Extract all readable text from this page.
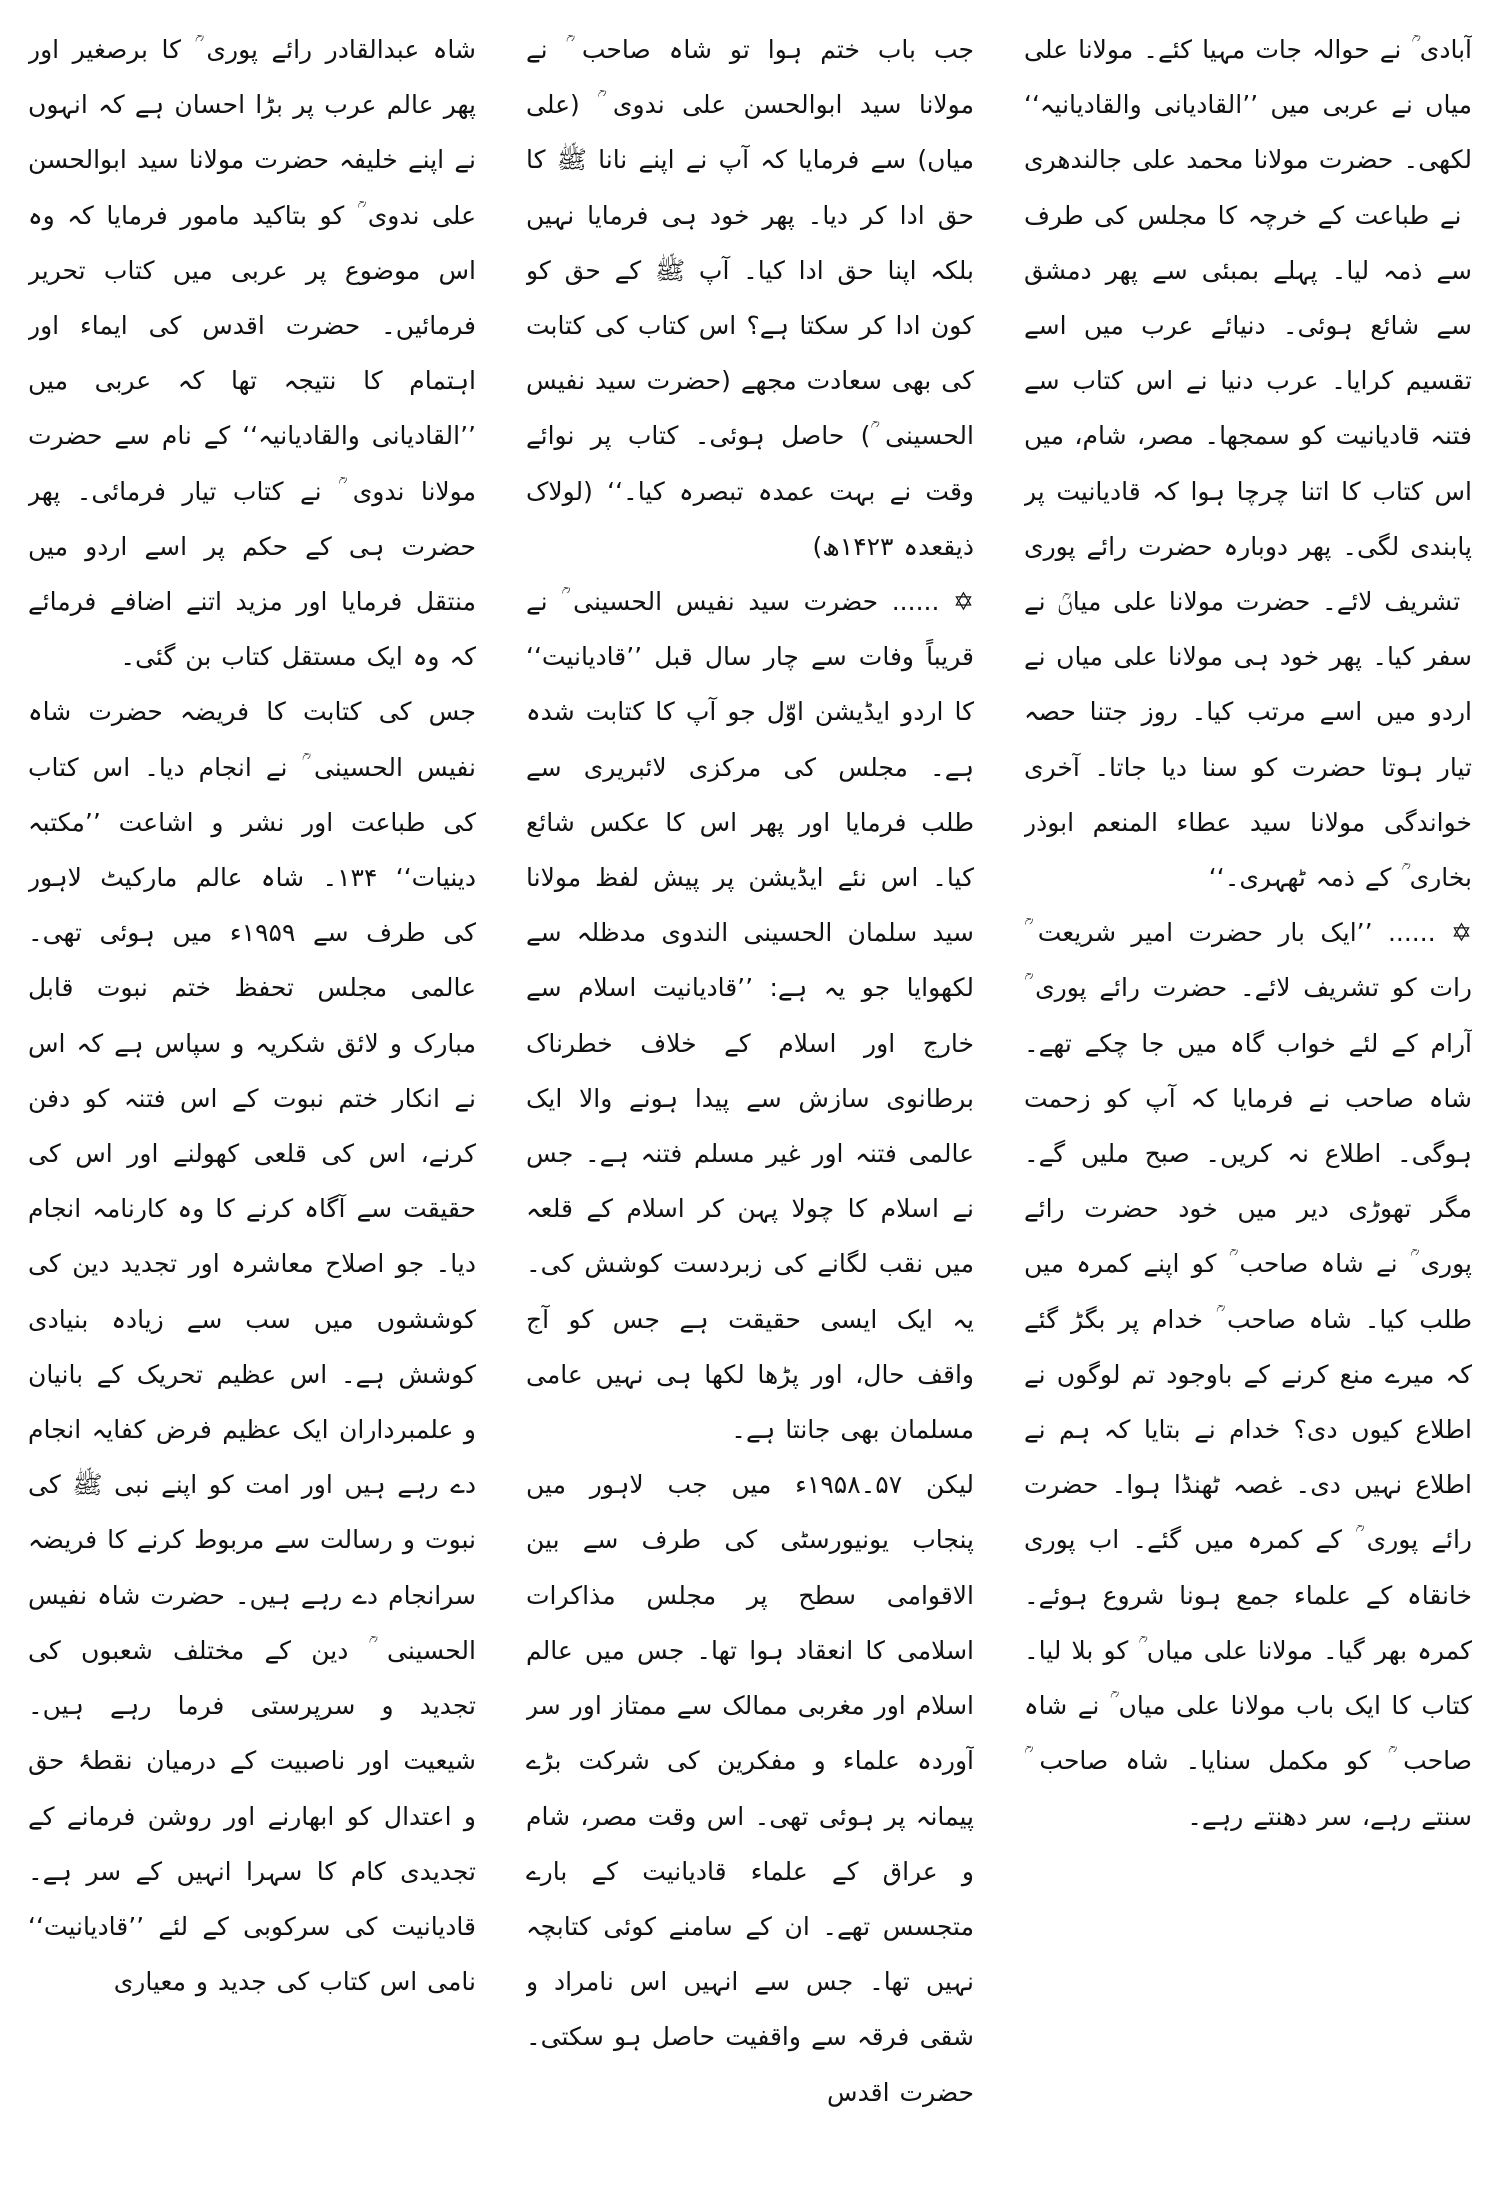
آبادی ؒ نے حوالہ جات مہیا کئے۔ مولانا علی میاں نے عربی میں ’’القادیانی والقادیانیہ‘‘ لکھی۔ حضرت مولانا محمد علی جالندھری ؒ نے طباعت کے خرچہ کا مجلس کی طرف سے ذمہ لیا۔ پہلے بمبئی سے پھر دمشق سے شائع ہوئی۔ دنیائے عرب میں اسے تقسیم کرایا۔ عرب دنیا نے اس کتاب سے فتنہ قادیانیت کو سمجھا۔ مصر، شام، میں اس کتاب کا اتنا چرچا ہوا کہ قادیانیت پر پابندی لگی۔ پھر دوبارہ حضرت رائے پوری ؒ تشریف لائے۔ حضرت مولانا علی میاںؒ نے سفر کیا۔ پھر خود ہی مولانا علی میاں نے اردو میں اسے مرتب کیا۔ روز جتنا حصہ تیار ہوتا حضرت کو سنا دیا جاتا۔ آخری خواندگی مولانا سید عطاء المنعم ابوذر بخاری ؒ کے ذمہ ٹھہری۔‘‘

✡ ...... ’’ایک بار حضرت امیر شریعت ؒ رات کو تشریف لائے۔ حضرت رائے پوری ؒ آرام کے لئے خواب گاہ میں جا چکے تھے۔ شاہ صاحب نے فرمایا کہ آپ کو زحمت ہوگی۔ اطلاع نہ کریں۔ صبح ملیں گے۔ مگر تھوڑی دیر میں خود حضرت رائے پوری ؒ نے شاہ صاحب ؒ کو اپنے کمرہ میں طلب کیا۔ شاہ صاحب ؒ خدام پر بگڑ گئے کہ میرے منع کرنے کے باوجود تم لوگوں نے اطلاع کیوں دی؟ خدام نے بتایا کہ ہم نے اطلاع نہیں دی۔ غصہ ٹھنڈا ہوا۔ حضرت رائے پوری ؒ کے کمرہ میں گئے۔ اب پوری خانقاہ کے علماء جمع ہونا شروع ہوئے۔ کمرہ بھر گیا۔ مولانا علی میاں ؒ کو بلا لیا۔ کتاب کا ایک باب مولانا علی میاں ؒ نے شاہ صاحب ؒ کو مکمل سنایا۔ شاہ صاحب ؒ سنتے رہے، سر دھنتے رہے۔

جب باب ختم ہوا تو شاہ صاحب ؒ نے مولانا سید ابوالحسن علی ندوی ؒ (علی میاں) سے فرمایا کہ آپ نے اپنے نانا ﷺ کا حق ادا کر دیا۔ پھر خود ہی فرمایا نہیں بلکہ اپنا حق ادا کیا۔ آپ ﷺ کے حق کو کون ادا کر سکتا ہے؟ اس کتاب کی کتابت کی بھی سعادت مجھے (حضرت سید نفیس الحسینی ؒ) حاصل ہوئی۔ کتاب پر نوائے وقت نے بہت عمدہ تبصرہ کیا۔‘‘ (لولاک ذیقعدہ ۱۴۲۳ھ)

✡ ...... حضرت سید نفیس الحسینی ؒ نے قریباً وفات سے چار سال قبل ’’قادیانیت‘‘ کا اردو ایڈیشن اوّل جو آپ کا کتابت شدہ ہے۔ مجلس کی مرکزی لائبریری سے طلب فرمایا اور پھر اس کا عکس شائع کیا۔ اس نئے ایڈیشن پر پیش لفظ مولانا سید سلمان الحسینی الندوی مدظلہ سے لکھوایا جو یہ ہے: ’’قادیانیت اسلام سے خارج اور اسلام کے خلاف خطرناک برطانوی سازش سے پیدا ہونے والا ایک عالمی فتنہ اور غیر مسلم فتنہ ہے۔ جس نے اسلام کا چولا پہن کر اسلام کے قلعہ میں نقب لگانے کی زبردست کوشش کی۔ یہ ایک ایسی حقیقت ہے جس کو آج واقف حال، اور پڑھا لکھا ہی نہیں عامی مسلمان بھی جانتا ہے۔

لیکن ۵۷۔۱۹۵۸ء میں جب لاہور میں پنجاب یونیورسٹی کی طرف سے بین الاقوامی سطح پر مجلس مذاکرات اسلامی کا انعقاد ہوا تھا۔ جس میں عالم اسلام اور مغربی ممالک سے ممتاز اور سر آوردہ علماء و مفکرین کی شرکت بڑے پیمانہ پر ہوئی تھی۔ اس وقت مصر، شام و عراق کے علماء قادیانیت کے بارے متجسس تھے۔ ان کے سامنے کوئی کتابچہ نہیں تھا۔ جس سے انہیں اس نامراد و شقی فرقہ سے واقفیت حاصل ہو سکتی۔ حضرت اقدس

شاہ عبدالقادر رائے پوری ؒ کا برصغیر اور پھر عالم عرب پر بڑا احسان ہے کہ انہوں نے اپنے خلیفہ حضرت مولانا سید ابوالحسن علی ندوی ؒ کو بتاکید مامور فرمایا کہ وہ اس موضوع پر عربی میں کتاب تحریر فرمائیں۔ حضرت اقدس کی ایماء اور اہتمام کا نتیجہ تھا کہ عربی میں ’’القادیانی والقادیانیہ‘‘ کے نام سے حضرت مولانا ندوی ؒ نے کتاب تیار فرمائی۔ پھر حضرت ہی کے حکم پر اسے اردو میں منتقل فرمایا اور مزید اتنے اضافے فرمائے کہ وہ ایک مستقل کتاب بن گئی۔

جس کی کتابت کا فریضہ حضرت شاہ نفیس الحسینی ؒ نے انجام دیا۔ اس کتاب کی طباعت اور نشر و اشاعت ’’مکتبہ دینیات‘‘ ۱۳۴۔ شاہ عالم مارکیٹ لاہور کی طرف سے ۱۹۵۹ء میں ہوئی تھی۔ عالمی مجلس تحفظ ختم نبوت قابل مبارک و لائق شکریہ و سپاس ہے کہ اس نے انکار ختم نبوت کے اس فتنہ کو دفن کرنے، اس کی قلعی کھولنے اور اس کی حقیقت سے آگاہ کرنے کا وہ کارنامہ انجام دیا۔ جو اصلاح معاشرہ اور تجدید دین کی کوششوں میں سب سے زیادہ بنیادی کوشش ہے۔ اس عظیم تحریک کے بانیان و علمبرداران ایک عظیم فرض کفایہ انجام دے رہے ہیں اور امت کو اپنے نبی ﷺ کی نبوت و رسالت سے مربوط کرنے کا فریضہ سرانجام دے رہے ہیں۔ حضرت شاہ نفیس الحسینی ؒ دین کے مختلف شعبوں کی تجدید و سرپرستی فرما رہے ہیں۔ شیعیت اور ناصبیت کے درمیان نقطۂ حق و اعتدال کو ابھارنے اور روشن فرمانے کے تجدیدی کام کا سہرا انہیں کے سر ہے۔ قادیانیت کی سرکوبی کے لئے ’’قادیانیت‘‘ نامی اس کتاب کی جدید و معیاری
